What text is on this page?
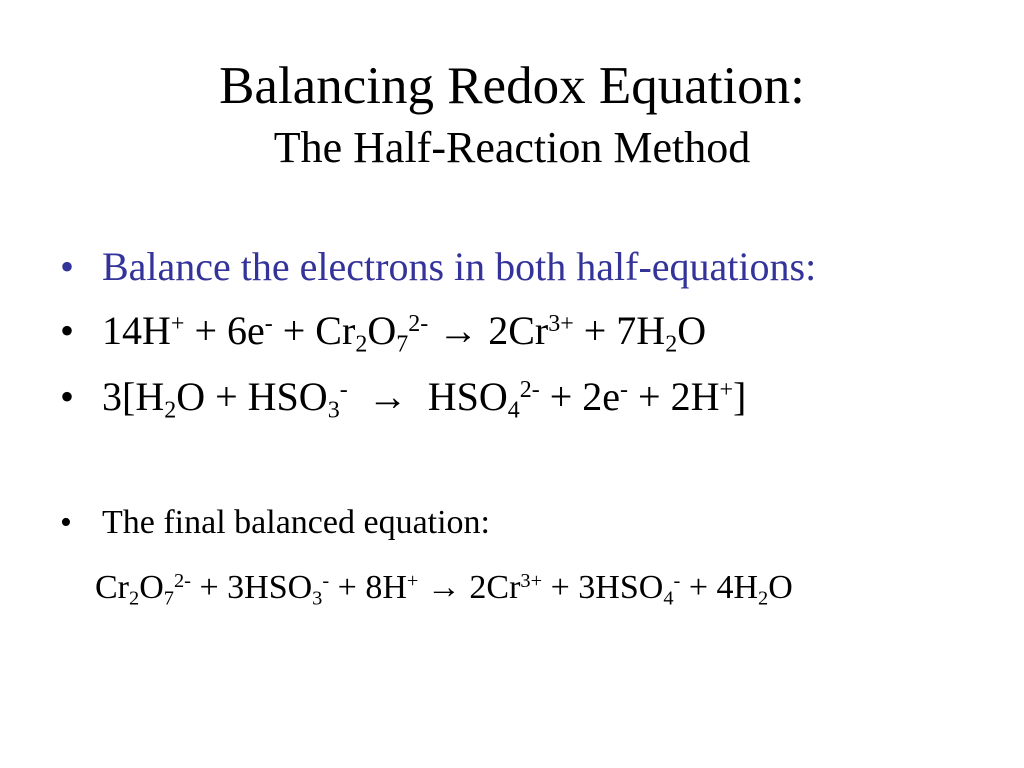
Balancing Redox Equation:
The Half-Reaction Method
• Balance the electrons in both half-equations:
• $14H^+ + 6e^- + Cr_2O_7^{2-} \to 2Cr^{3+} + 7H_2O$
• $3[H_2O + HSO_3^- \to HSO_4^{2-} + 2e^- + 2H^+]$
• The final balanced equation:
$Cr_2O_7^{2-} + 3HSO_3^- + 8H^+ \to 2Cr^{3+} + 3HSO_4^- + 4H_2O$
